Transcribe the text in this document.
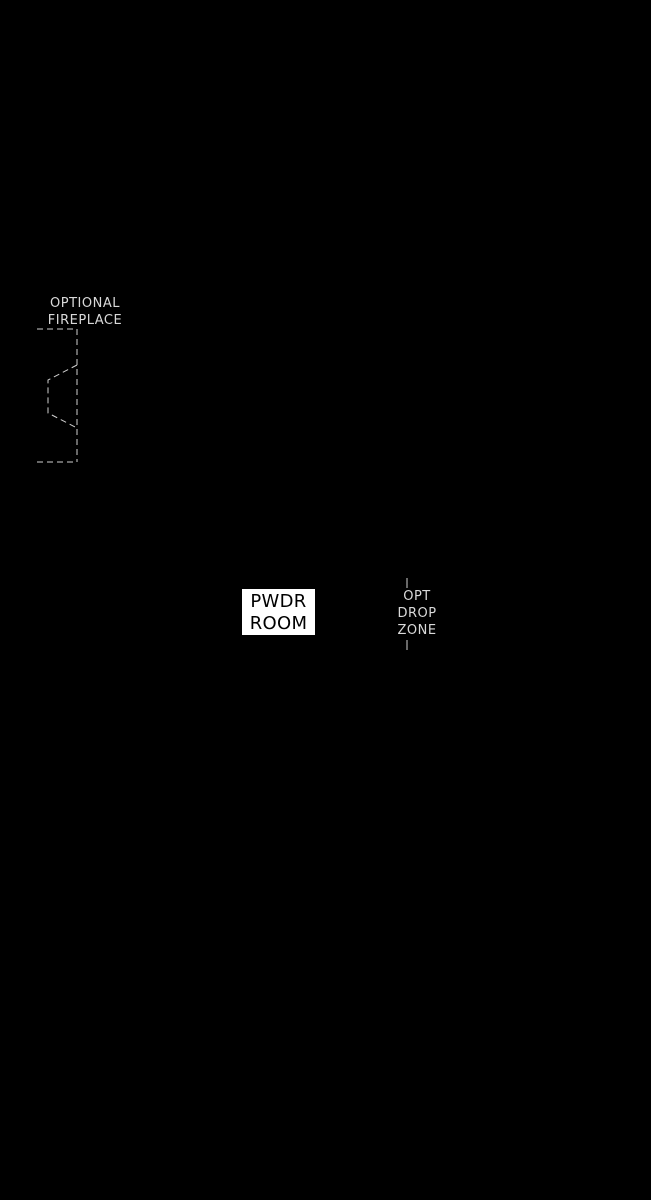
OPTIONAL
FIREPLACE
PWDR
ROOM
OPT
DROP
ZONE
